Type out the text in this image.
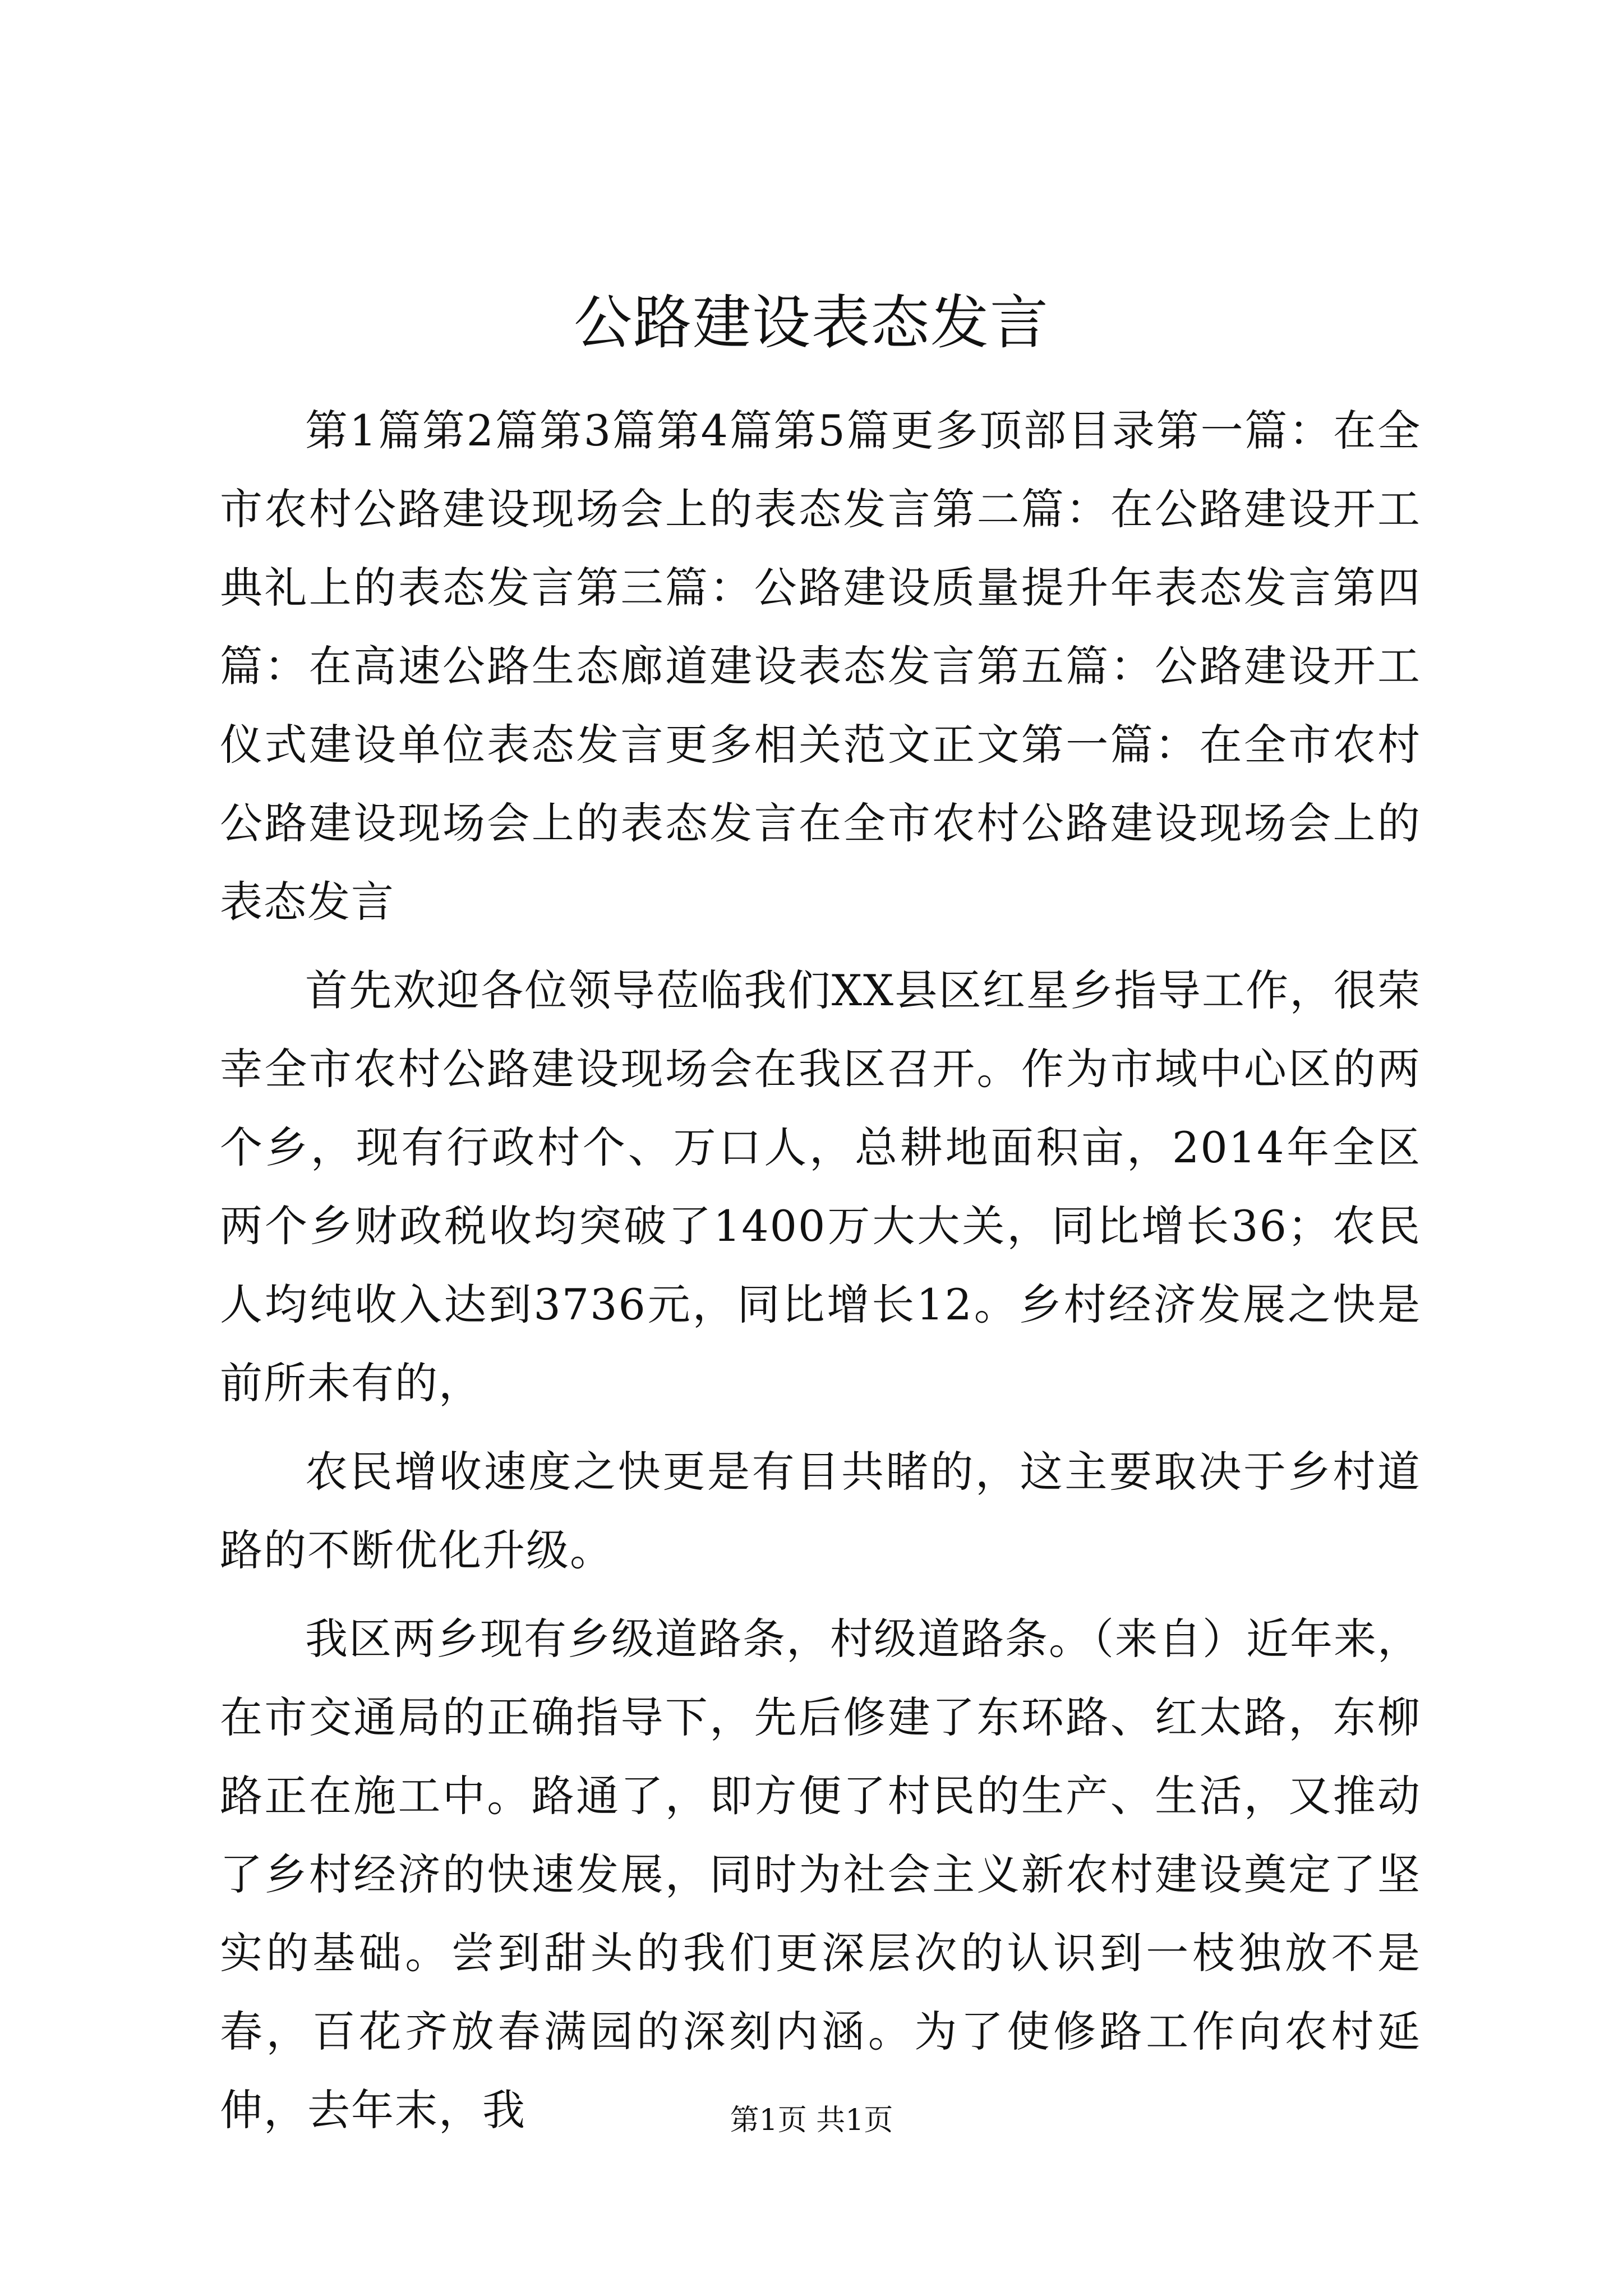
公路建设表态发言

第1篇第2篇第3篇第4篇第5篇更多顶部目录第一篇：在全市农村公路建设现场会上的表态发言第二篇：在公路建设开工典礼上的表态发言第三篇：公路建设质量提升年表态发言第四篇：在高速公路生态廊道建设表态发言第五篇：公路建设开工仪式建设单位表态发言更多相关范文正文第一篇：在全市农村公路建设现场会上的表态发言在全市农村公路建设现场会上的表态发言

首先欢迎各位领导莅临我们XX县区红星乡指导工作，很荣幸全市农村公路建设现场会在我区召开。作为市域中心区的两个乡，现有行政村个、万口人，总耕地面积亩，2014年全区两个乡财政税收均突破了1400万大大关，同比增长36；农民人均纯收入达到3736元，同比增长12。乡村经济发展之快是前所未有的，

农民增收速度之快更是有目共睹的，这主要取决于乡村道路的不断优化升级。

我区两乡现有乡级道路条，村级道路条。（来自）近年来，在市交通局的正确指导下，先后修建了东环路、红太路，东柳路正在施工中。路通了，即方便了村民的生产、生活，又推动了乡村经济的快速发展，同时为社会主义新农村建设奠定了坚实的基础。尝到甜头的我们更深层次的认识到一枝独放不是春，百花齐放春满园的深刻内涵。为了使修路工作向农村延伸，去年末，我	第1页 共1页
